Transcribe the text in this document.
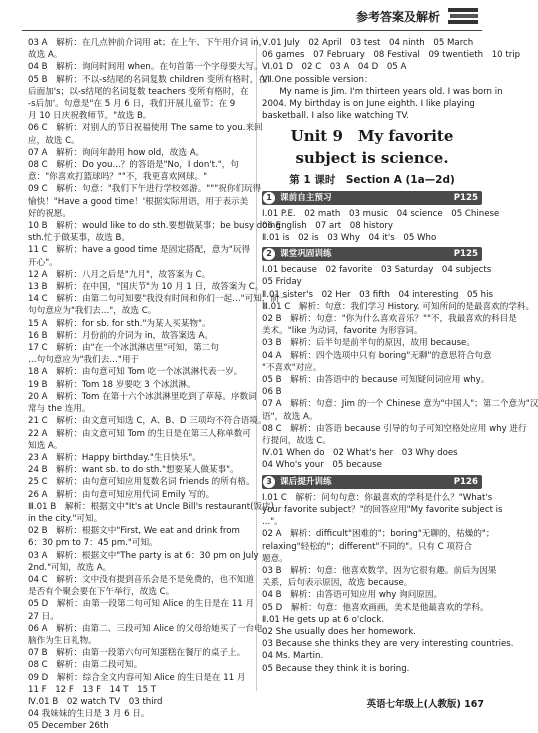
参考答案及解析
03 A　解析：在几点钟前介词用 at；在上午、下午用介词 in，
故选 A。
04 B　解析：询问时间用 when。在句首第一个字母要大写。
05 B　解析：不以-s结尾的名词复数 children 变所有格时，在
后面加's；以-s结尾的名词复数 teachers 变所有格时，在
-s后加'。句意是"在 5 月 6 日，我们开展儿童节；在 9
月 10 日庆祝教师节。"故选 B。
06 C　解析：对别人的节日祝福使用 The same to you.来回
应，故选 C。
07 A　解析：询问年龄用 how old，故选 A。
08 C　解析：Do you...？的答语是"No，I don't."，句
意："你喜欢打篮球吗？""不，我更喜欢网球。"
09 C　解析：句意："我们下午进行学校郊游。"""祝你们玩得
愉快！"Have a good time！'根据实际用语，用于表示美
好的祝愿。
10 B　解析：would like to do sth.要想做某事；be busy doing
sth.忙于做某事，故选 B。
11 C　解析：have a good time 是固定搭配，意为"玩得
开心"。
12 A　解析：八月之后是"九月"，故答案为 C。
13 B　解析：在中国，"国庆节"为 10 月 1 日，故答案为 C。
14 C　解析：由第二句可知要"我没有时间和你们一起…"可知，前一
句句意应为"我们去…"，故选 C。
15 A　解析：for sb. for sth."为某人买某物"。
16 B　解析：月份前的介词为 in，故答案选 A。
17 C　解析：由"在一个冰淇淋店里"可知，第二句
…句句意应为"我们去…"用于
18 A　解析：由句意可知 Tom 吃一个冰淇淋代表一岁。
19 B　解析：Tom 18 岁要吃 3 个冰淇淋。
20 A　解析：Tom 在第十六个冰淇淋里吃到了草莓。序数词
常与 the 连用。
21 C　解析：由文意可知选 C，A、B、D 三项均不符合语境。
22 A　解析：由文意可知 Tom 的生日是在第三人称单数可
知选 A。
23 A　解析：Happy birthday."生日快乐"。
24 B　解析：want sb. to do sth."想要某人做某事"。
25 C　解析：由句意可知应用复数名词 friends 的所有格。
26 A　解析：由句意可知应用代词 Emily 写的。
Ⅲ.01 B　解析：根据文中"It's at Uncle Bill's restaurant(饭店)
in the city."可知。
02 B　解析：根据文中"First, We eat and drink from
6：30 pm to 7：45 pm."可知。
03 A　解析：根据文中"The party is at 6：30 pm on July
2nd."可知，故选 A。
04 C　解析：文中没有提到音乐会是不是免费的，也不知道
是否有个聚会要在下午举行，故选 C。
05 D　解析：由第一段第二句可知 Alice 的生日是在 11 月
27 日。
06 A　解析：由第二、三段可知 Alice 的父母给她买了一台电
脑作为生日礼物。
07 B　解析：由第一段第六句可知蛋糕在餐厅的桌子上。
08 C　解析：由第二段可知。
09 D　解析：综合全文内容可知 Alice 的生日是在 11 月
11 F　12 F　13 F　14 T　15 T
Ⅳ.01 B　02 watch TV　03 third
04 我妹妹的生日是 3 月 6 日。
05 December 26th
Ⅴ.01 July　02 April　03 test　04 ninth　05 March
06 games　07 February　08 Festival　09 twentieth　10 trip
Ⅵ.01 D　02 C　03 A　04 D　05 A
Ⅶ.One possible version：
　　My name is Jim. I'm thirteen years old. I was born in
2004. My birthday is on June eighth. I like playing
basketball. I also like watching TV.
Unit 9　My favorite subject is science.
第 1 课时　Section A (1a—2d)
1 课前自主预习	P125
Ⅰ.01 P.E.　02 math　03 music　04 science　05 Chinese
06 English　07 art　08 history
Ⅱ.01 is　02 is　03 Why　04 it's　05 Who
2 课堂巩固训练	P125
Ⅰ.01 because　02 favorite　03 Saturday　04 subjects
05 Friday
Ⅱ.01 sister's　02 Her　03 fifth　04 interesting　05 his
Ⅲ.01 C　解析：句意：我们学习 History. 可知所问的是最喜欢的学科。
02 B　解析：句意："你为什么喜欢音乐？""不，我最喜欢的科目是
美术。"like 为动词，favorite 为形容词。
03 B　解析：后半句是前半句的原因，故用 because。
04 A　解析：四个选项中只有 boring"无聊"的意思符合句意
"不喜欢"对应。
05 B　解析：由答语中的 because 可知疑问词应用 why。
06 B
07 A　解析：句意：Jim 的一个 Chinese 意为"中国人"；第二个意为"汉
语"，故选 A。
08 C　解析：由答语 because 引导的句子可知空格处应用 why 进行
行提问，故选 C。
Ⅳ.01 When do　02 What's her　03 Why does
04 Who's your　05 because
3 课后提升训练	P126
Ⅰ.01 C　解析：问句句意：你最喜欢的学科是什么？"What's
your favorite subject？"的回答应用"My favorite subject is
..."。
02 A　解析：difficult"困难的"；boring"无聊的，枯燥的"；
relaxing"轻松的"；different"不同的"。只有 C 项符合
题意。
03 B　解析：句意：他喜欢数学，因为它很有趣。前后为因果
关系，后句表示原因，故选 because。
04 B　解析：由答语可知应用 why 询问原因。
05 D　解析：句意：他喜欢画画，美术是他最喜欢的学科。
Ⅱ.01 He gets up at 6 o'clock.
02 She usually does her homework.
03 Because she thinks they are very interesting countries.
04 Ms. Martin.
05 Because they think it is boring.
英语七年级上(人教版) 167
